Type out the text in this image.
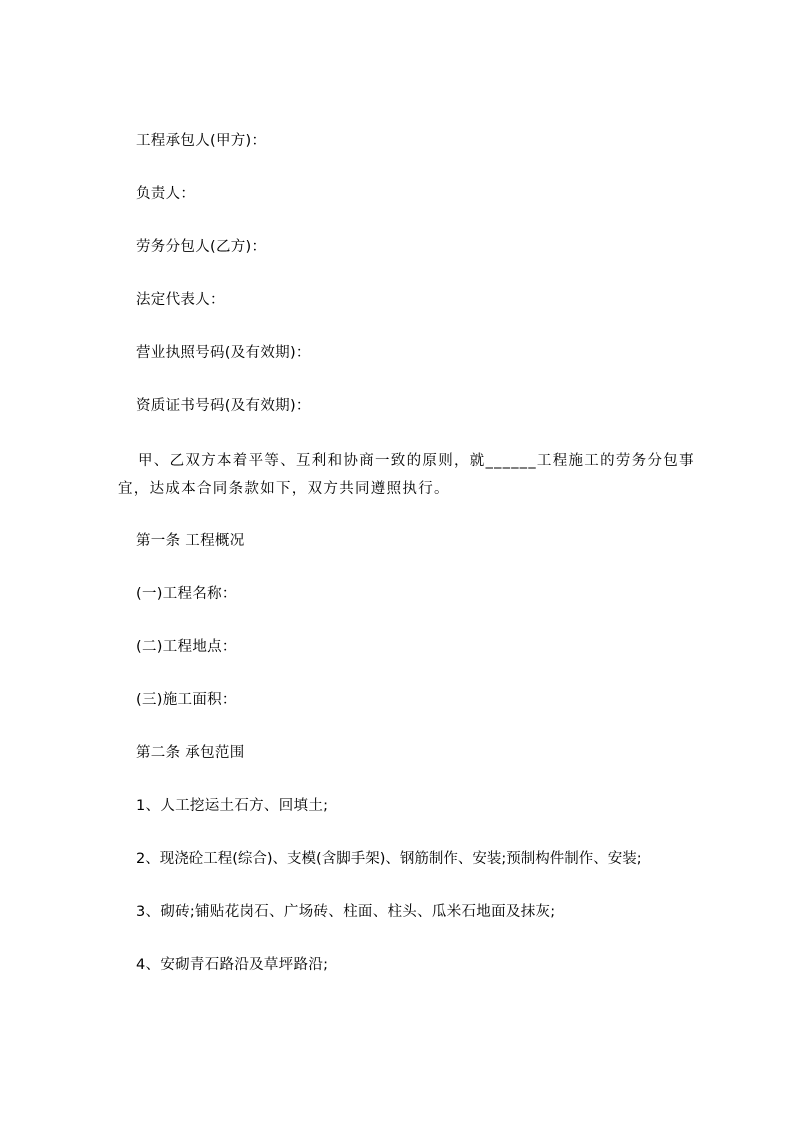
工程承包人(甲方)：
负责人：
劳务分包人(乙方)：
法定代表人：
营业执照号码(及有效期)：
资质证书号码(及有效期)：
甲、乙双方本着平等、互利和协商一致的原则，就______工程施工的劳务分包事宜，达成本合同条款如下，双方共同遵照执行。
第一条 工程概况
(一)工程名称：
(二)工程地点：
(三)施工面积：
第二条 承包范围
1、人工挖运土石方、回填土;
2、现浇砼工程(综合)、支模(含脚手架)、钢筋制作、安装;预制构件制作、安装;
3、砌砖;铺贴花岗石、广场砖、柱面、柱头、瓜米石地面及抹灰;
4、安砌青石路沿及草坪路沿;
